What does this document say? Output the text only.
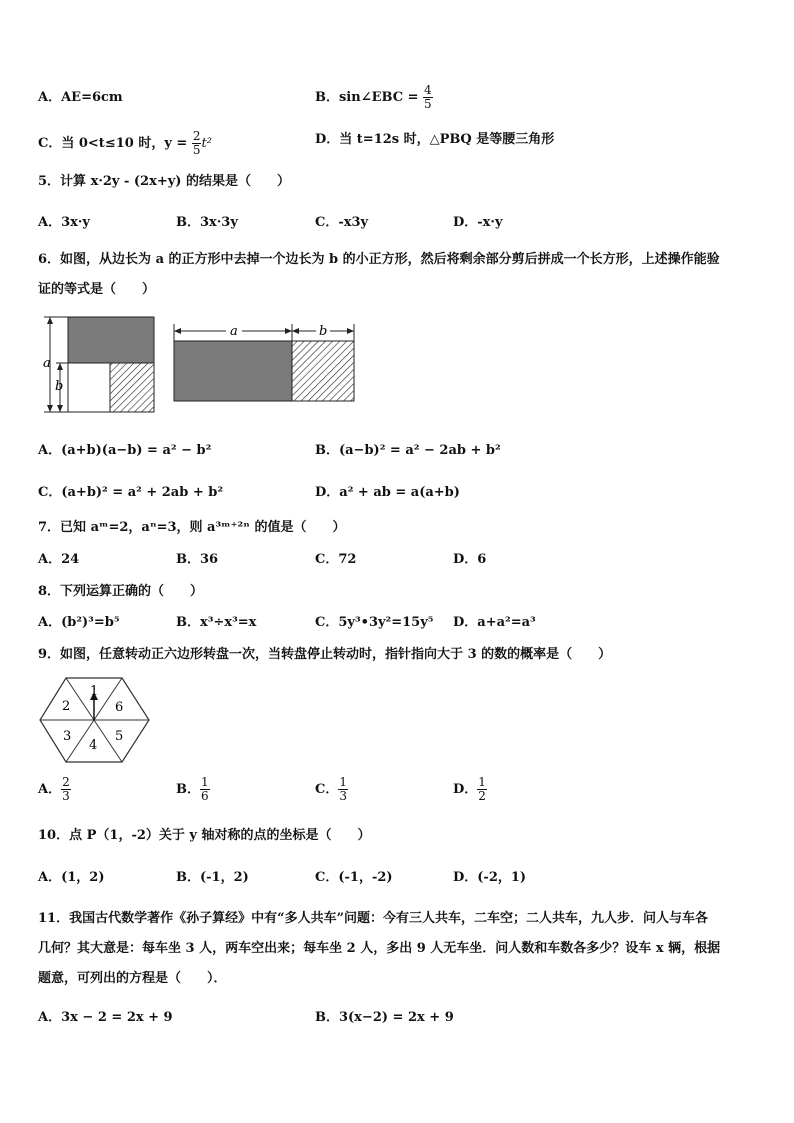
A．AE=6cm	B．sin∠EBC = $\frac{4}{5}$
C．当 0<t≤10 时，$y = \frac{2}{5} t^2$	D．当 t=12s 时，△PBQ 是等腰三角形
5．计算 x·2y - (2x+y) 的结果是（　　）
A．3x·y	B．3x·3y	C．-x3y	D．-x·y
6．如图，从边长为 a 的正方形中去掉一个边长为 b 的小正方形，然后将剩余部分剪后拼成一个长方形，上述操作能验
证的等式是（　　）
a
b
a	b
A．(a+b)(a−b) = a² − b²	B．(a−b)² = a² − 2ab + b²
C．(a+b)² = a² + 2ab + b²	D．a² + ab = a(a+b)
7．已知 aᵐ=2，aⁿ=3，则 a³ᵐ⁺²ⁿ 的值是（　　）
A．24	B．36	C．72	D．6
8．下列运算正确的（　　）
A．(b²)³=b⁵	B．x³÷x³=x	C．5y³•3y²=15y⁵ D．a+a²=a³
9．如图，任意转动正六边形转盘一次，当转盘停止转动时，指针指向大于 3 的数的概率是（　　）
1
6
5
4
3
2
A． $\frac{2}{3}$	B． $\frac{1}{6}$	C． $\frac{1}{3}$	D． $\frac{1}{2}$
10．点 P（1，-2）关于 y 轴对称的点的坐标是（　　）
A．(1，2)	B．(-1，2)	C．(-1，-2)	D．(-2，1)
11．我国古代数学著作《孙子算经》中有“多人共车”问题：今有三人共车，二车空；二人共车，九人步．问人与车各
几何？其大意是：每车坐 3 人，两车空出来；每车坐 2 人，多出 9 人无车坐．问人数和车数各多少？设车 x 辆，根据
题意，可列出的方程是（　　）．
A．3x − 2 = 2x + 9	B．3(x−2) = 2x + 9
